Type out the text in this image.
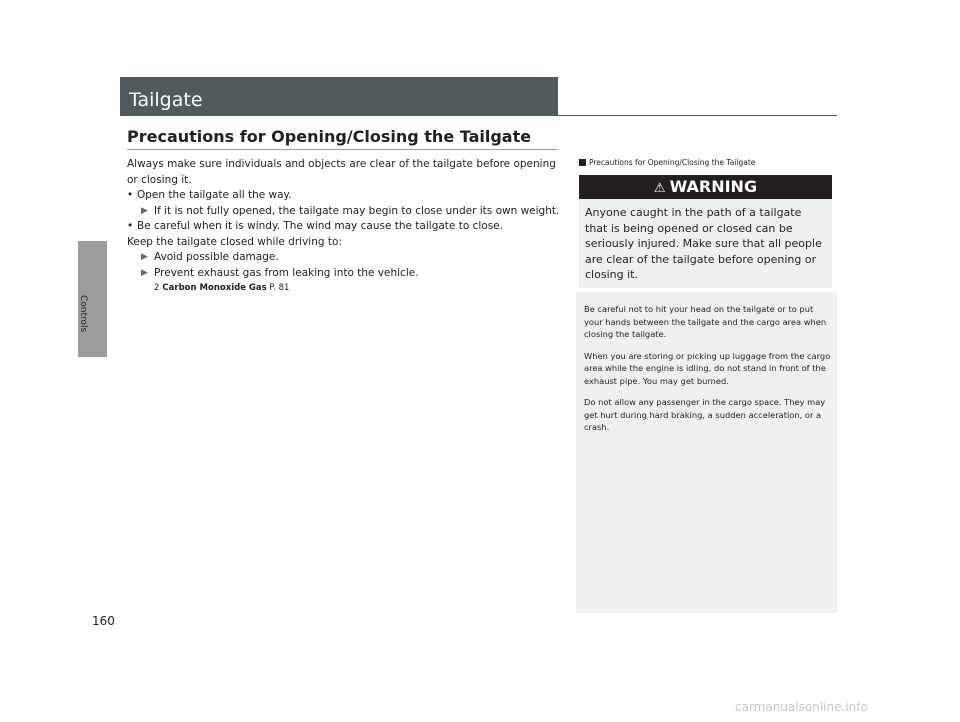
Controls
160
Tailgate
Precautions for Opening/Closing the Tailgate

Always make sure individuals and objects are clear of the tailgate before opening or closing it.

• Open the tailgate all the way.

▶ If it is not fully opened, the tailgate may begin to close under its own weight.

• Be careful when it is windy. The wind may cause the tailgate to close.

Keep the tailgate closed while driving to:

▶ Avoid possible damage.

▶ Prevent exhaust gas from leaking into the vehicle.

2 Carbon Monoxide Gas P. 81

Precautions for Opening/Closing the Tailgate
⚠ WARNING
Anyone caught in the path of a tailgate that is being opened or closed can be seriously injured. Make sure that all people are clear of the tailgate before opening or closing it.

Be careful not to hit your head on the tailgate or to put your hands between the tailgate and the cargo area when closing the tailgate.

When you are storing or picking up luggage from the cargo area while the engine is idling, do not stand in front of the exhaust pipe. You may get burned.

Do not allow any passenger in the cargo space. They may get hurt during hard braking, a sudden acceleration, or a crash.

carmanualsonline.info
